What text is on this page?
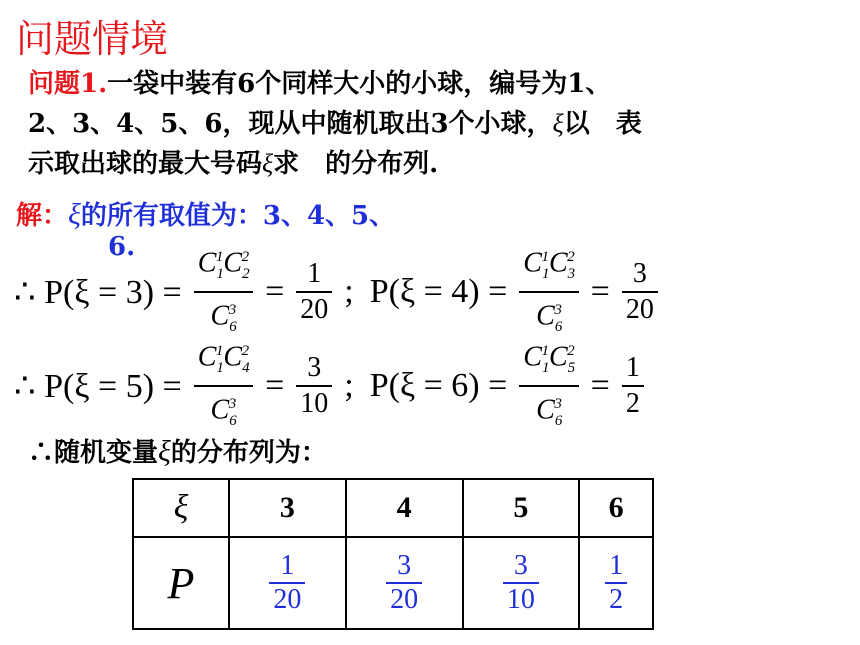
问题情境
问题1.一袋中装有6个同样大小的小球，编号为1、
2、3、4、5、6，现从中随机取出3个小球，ξ以 表
示取出球的最大号码ξ求 的分布列.
解：ξ的所有取值为：3、4、5、
6.
∴ $P(\xi = 3) = \frac{C_1^1C_2^2}{C_6^3} = \frac{1}{20}$ ; $P(\xi = 4) = \frac{C_1^1C_3^2}{C_6^3} = \frac{3}{20}$
∴ $P(\xi = 5) = \frac{C_1^1C_4^2}{C_6^3} = \frac{3}{10}$ ; $P(\xi = 6) = \frac{C_1^1C_5^2}{C_6^3} = \frac{1}{2}$
∴随机变量ξ的分布列为：
ξ	3	4	5	6
P	$\frac{1}{20}$	$\frac{3}{20}$	$\frac{3}{10}$	$\frac{1}{2}$
